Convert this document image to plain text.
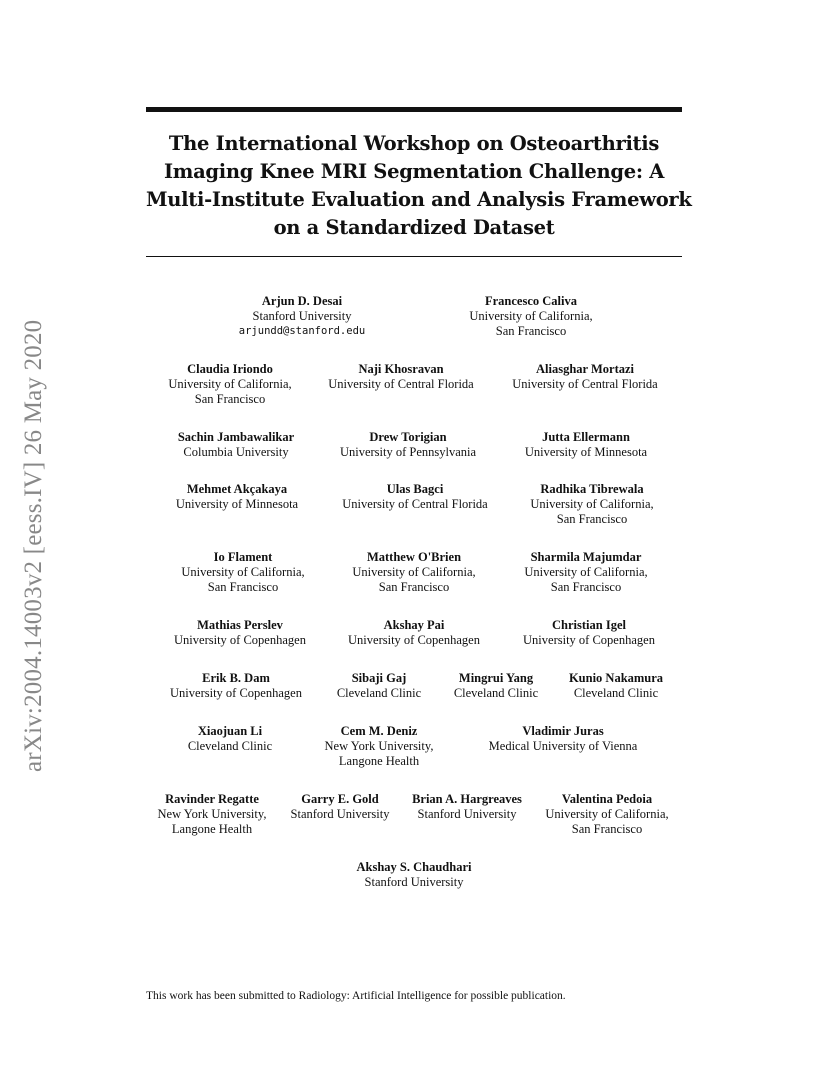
arXiv:2004.14003v2 [eess.IV] 26 May 2020
The International Workshop on Osteoarthritis
Imaging Knee MRI Segmentation Challenge: A
Multi-Institute Evaluation and Analysis Framework
on a Standardized Dataset
Arjun D. Desai
Stanford University
arjundd@stanford.edu
Francesco Caliva
University of California,
San Francisco
Claudia Iriondo
University of California,
San Francisco
Naji Khosravan
University of Central Florida
Aliasghar Mortazi
University of Central Florida
Sachin Jambawalikar
Columbia University
Drew Torigian
University of Pennsylvania
Jutta Ellermann
University of Minnesota
Mehmet Akçakaya
University of Minnesota
Ulas Bagci
University of Central Florida
Radhika Tibrewala
University of California,
San Francisco
Io Flament
University of California,
San Francisco
Matthew O'Brien
University of California,
San Francisco
Sharmila Majumdar
University of California,
San Francisco
Mathias Perslev
University of Copenhagen
Akshay Pai
University of Copenhagen
Christian Igel
University of Copenhagen
Erik B. Dam
University of Copenhagen
Sibaji Gaj
Cleveland Clinic
Mingrui Yang
Cleveland Clinic
Kunio Nakamura
Cleveland Clinic
Xiaojuan Li
Cleveland Clinic
Cem M. Deniz
New York University,
Langone Health
Vladimir Juras
Medical University of Vienna
Ravinder Regatte
New York University,
Langone Health
Garry E. Gold
Stanford University
Brian A. Hargreaves
Stanford University
Valentina Pedoia
University of California,
San Francisco
Akshay S. Chaudhari
Stanford University
This work has been submitted to Radiology: Artificial Intelligence for possible publication.
